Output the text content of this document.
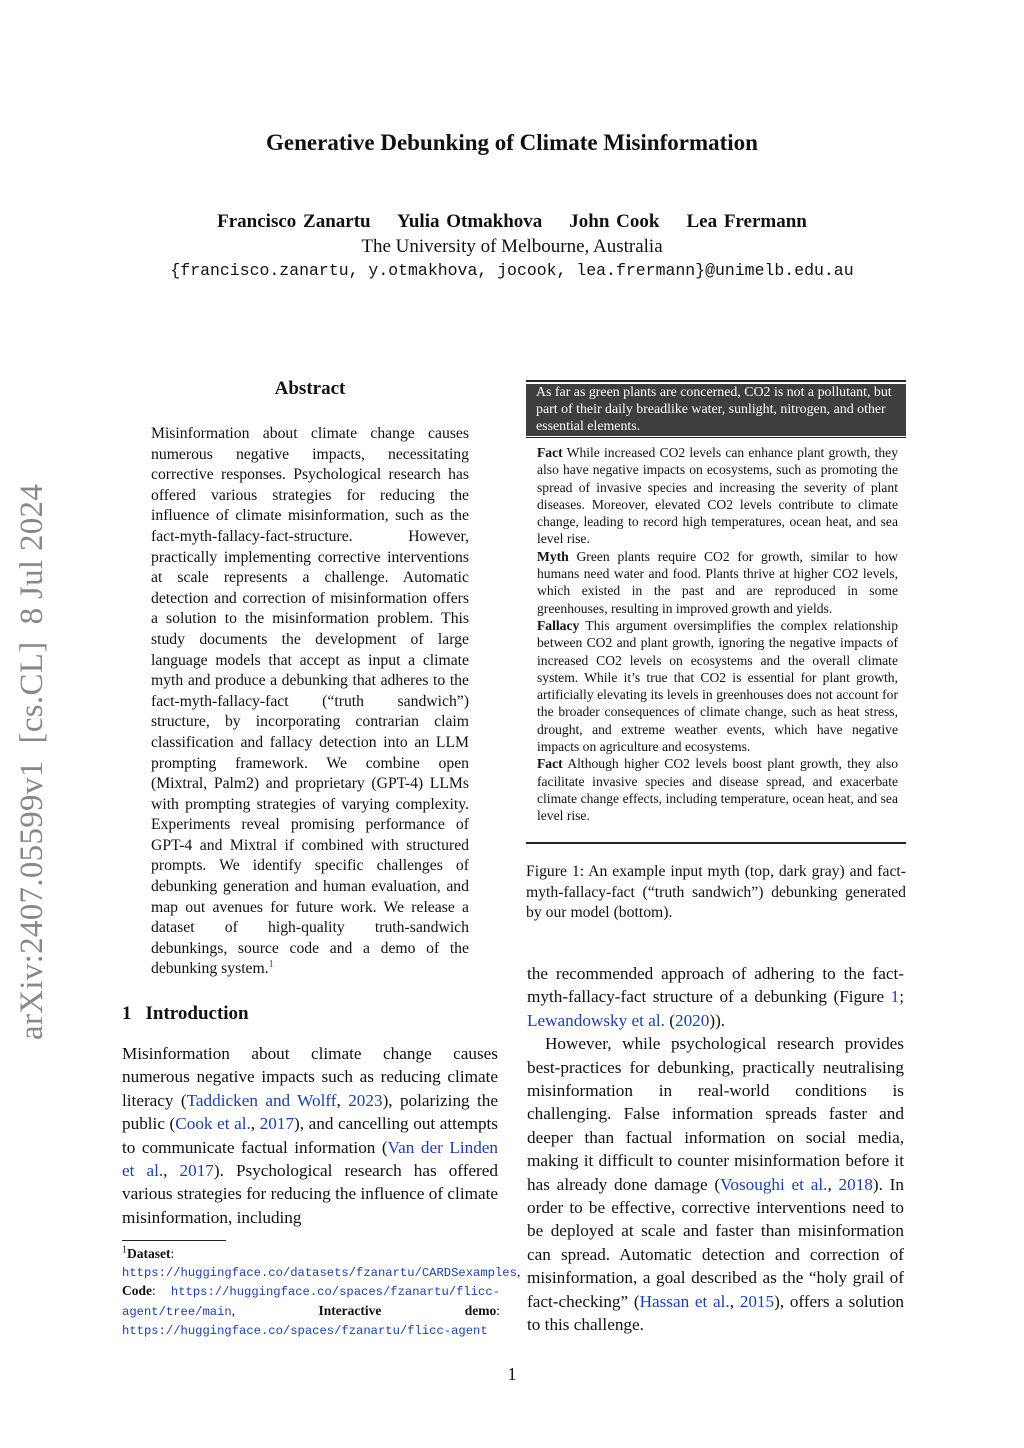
Generative Debunking of Climate Misinformation
Francisco Zanartu    Yulia Otmakhova    John Cook    Lea Frermann
The University of Melbourne, Australia
{francisco.zanartu, y.otmakhova, jocook, lea.frermann}@unimelb.edu.au
arXiv:2407.05599v1  [cs.CL]  8 Jul 2024
Abstract
Misinformation about climate change causes numerous negative impacts, necessitating corrective responses. Psychological research has offered various strategies for reducing the influence of climate misinformation, such as the fact-myth-fallacy-fact-structure. However, practically implementing corrective interventions at scale represents a challenge. Automatic detection and correction of misinformation offers a solution to the misinformation problem. This study documents the development of large language models that accept as input a climate myth and produce a debunking that adheres to the fact-myth-fallacy-fact (“truth sandwich”) structure, by incorporating contrarian claim classification and fallacy detection into an LLM prompting framework. We combine open (Mixtral, Palm2) and proprietary (GPT-4) LLMs with prompting strategies of varying complexity. Experiments reveal promising performance of GPT-4 and Mixtral if combined with structured prompts. We identify specific challenges of debunking generation and human evaluation, and map out avenues for future work. We release a dataset of high-quality truth-sandwich debunkings, source code and a demo of the debunking system.$^1$
1 Introduction
Misinformation about climate change causes numerous negative impacts such as reducing climate literacy (Taddicken and Wolff, 2023), polarizing the public (Cook et al., 2017), and cancelling out attempts to communicate factual information (Van der Linden et al., 2017). Psychological research has offered various strategies for reducing the influence of climate misinformation, including
$^1$Dataset: https://huggingface.co/datasets/fzanartu/CARDSexamples, Code: https://huggingface.co/spaces/fzanartu/flicc-agent/tree/main, Interactive demo: https://huggingface.co/spaces/fzanartu/flicc-agent
As far as green plants are concerned, CO2 is not a pollutant, but part of their daily breadlike water, sunlight, nitrogen, and other essential elements.

Fact While increased CO2 levels can enhance plant growth, they also have negative impacts on ecosystems, such as promoting the spread of invasive species and increasing the severity of plant diseases. Moreover, elevated CO2 levels contribute to climate change, leading to record high temperatures, ocean heat, and sea level rise.

Myth Green plants require CO2 for growth, similar to how humans need water and food. Plants thrive at higher CO2 levels, which existed in the past and are reproduced in some greenhouses, resulting in improved growth and yields.

Fallacy This argument oversimplifies the complex relationship between CO2 and plant growth, ignoring the negative impacts of increased CO2 levels on ecosystems and the overall climate system. While it’s true that CO2 is essential for plant growth, artificially elevating its levels in greenhouses does not account for the broader consequences of climate change, such as heat stress, drought, and extreme weather events, which have negative impacts on agriculture and ecosystems.

Fact Although higher CO2 levels boost plant growth, they also facilitate invasive species and disease spread, and exacerbate climate change effects, including temperature, ocean heat, and sea level rise.

Figure 1: An example input myth (top, dark gray) and fact-myth-fallacy-fact (“truth sandwich”) debunking generated by our model (bottom).

the recommended approach of adhering to the fact-myth-fallacy-fact structure of a debunking (Figure 1; Lewandowsky et al. (2020)).

However, while psychological research provides best-practices for debunking, practically neutralising misinformation in real-world conditions is challenging. False information spreads faster and deeper than factual information on social media, making it difficult to counter misinformation before it has already done damage (Vosoughi et al., 2018). In order to be effective, corrective interventions need to be deployed at scale and faster than misinformation can spread. Automatic detection and correction of misinformation, a goal described as the “holy grail of fact-checking” (Hassan et al., 2015), offers a solution to this challenge.

1
